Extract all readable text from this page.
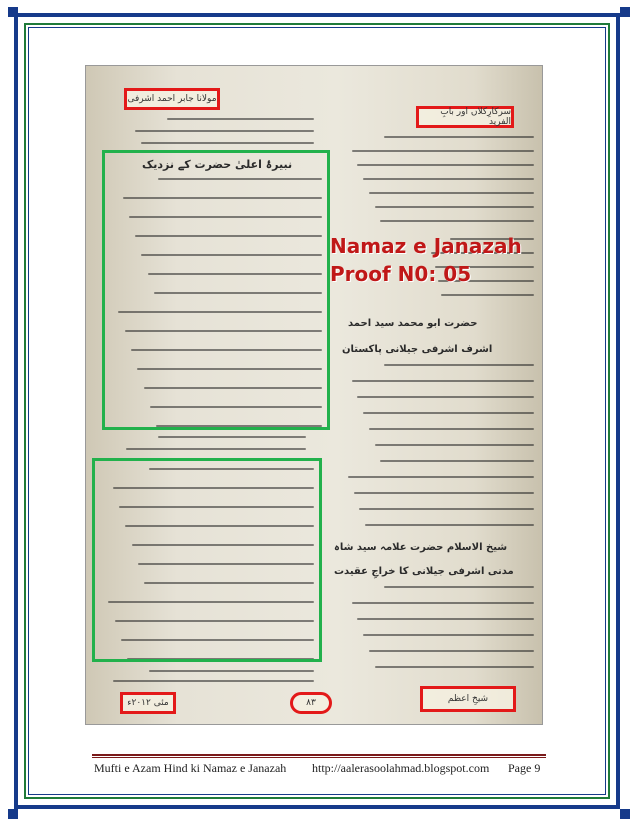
مولانا جابر احمد اشرفی
سرکارِکلاں اور بابِ الفرید
نبیرۂ اعلیٰ حضرت کے نزدیک
حضرت ابو محمد سید احمد
اشرف اشرفی جیلانی پاکستان
شیخ الاسلام حضرت علامہ سید شاہ
مدنی اشرفی جیلانی کا خراجِ عقیدت
Namaz e Janazah
Proof N0: 05
مئی ۲۰۱۲ء	۸۳	شیخِ اعظم
Mufti e Azam Hind ki Namaz e Janazah http://aalerasoolahmad.blogspot.com Page 9
